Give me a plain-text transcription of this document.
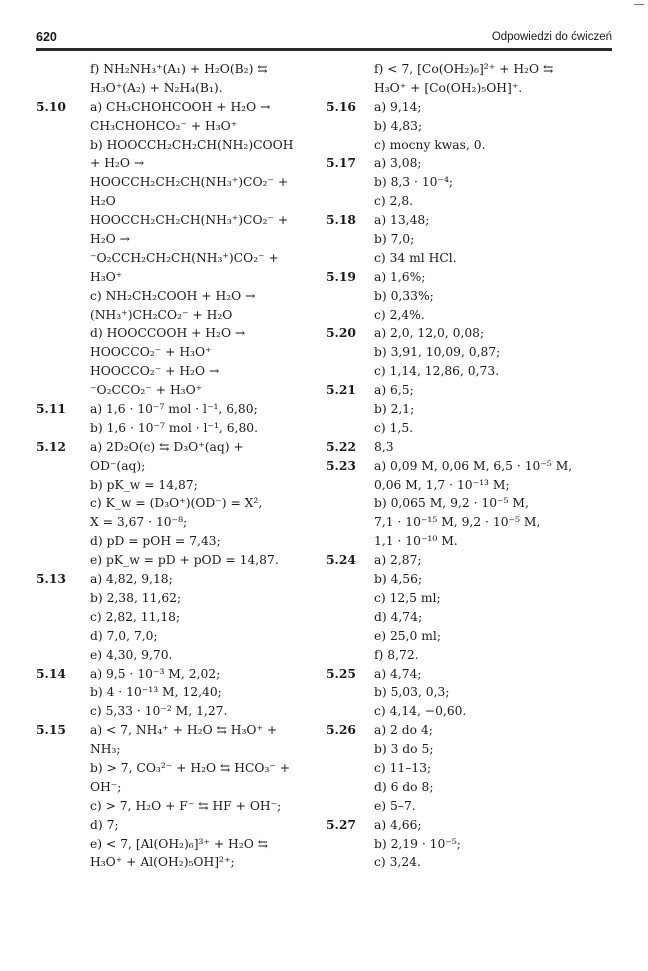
620	Odpowiedzi do ćwiczeń
f) NH₂NH₃⁺(A₁) + H₂O(B₂) ⇆
H₃O⁺(A₂) + N₂H₄(B₁).
5.10 a) CH₃CHOHCOOH + H₂O →
CH₃CHOHCO₂⁻ + H₃O⁺
b) HOOCCH₂CH₂CH(NH₂)COOH
+ H₂O →
HOOCCH₂CH₂CH(NH₃⁺)CO₂⁻ +
H₂O
HOOCCH₂CH₂CH(NH₃⁺)CO₂⁻ +
H₂O →
⁻O₂CCH₂CH₂CH(NH₃⁺)CO₂⁻ +
H₃O⁺
c) NH₂CH₂COOH + H₂O →
(NH₃⁺)CH₂CO₂⁻ + H₂O
d) HOOCCOOH + H₂O →
HOOCCO₂⁻ + H₃O⁺
HOOCCO₂⁻ + H₂O →
⁻O₂CCO₂⁻ + H₃O⁺
5.11 a) 1,6 · 10⁻⁷ mol · l⁻¹, 6,80;
b) 1,6 · 10⁻⁷ mol · l⁻¹, 6,80.
5.12 a) 2D₂O(c) ⇆ D₃O⁺(aq) +
OD⁻(aq);
b) pK_w = 14,87;
c) K_w = (D₃O⁺)(OD⁻) = X²,
X = 3,67 · 10⁻⁸;
d) pD = pOH = 7,43;
e) pK_w = pD + pOD = 14,87.
5.13 a) 4,82, 9,18;
b) 2,38, 11,62;
c) 2,82, 11,18;
d) 7,0, 7,0;
e) 4,30, 9,70.
5.14 a) 9,5 · 10⁻³ M, 2,02;
b) 4 · 10⁻¹³ M, 12,40;
c) 5,33 · 10⁻² M, 1,27.
5.15 a) < 7, NH₄⁺ + H₂O ⇆ H₃O⁺ +
NH₃;
b) > 7, CO₃²⁻ + H₂O ⇆ HCO₃⁻ +
OH⁻;
c) > 7, H₂O + F⁻ ⇆ HF + OH⁻;
d) 7;
e) < 7, [Al(OH₂)₆]³⁺ + H₂O ⇆
H₃O⁺ + Al(OH₂)₅OH]²⁺;
f) < 7, [Co(OH₂)₆]²⁺ + H₂O ⇆
H₃O⁺ + [Co(OH₂)₅OH]⁺.
5.16 a) 9,14;
b) 4,83;
c) mocny kwas, 0.
5.17 a) 3,08;
b) 8,3 · 10⁻⁴;
c) 2,8.
5.18 a) 13,48;
b) 7,0;
c) 34 ml HCl.
5.19 a) 1,6%;
b) 0,33%;
c) 2,4%.
5.20 a) 2,0, 12,0, 0,08;
b) 3,91, 10,09, 0,87;
c) 1,14, 12,86, 0,73.
5.21 a) 6,5;
b) 2,1;
c) 1,5.
5.22 8,3
5.23 a) 0,09 M, 0,06 M, 6,5 · 10⁻⁵ M,
0,06 M, 1,7 · 10⁻¹³ M;
b) 0,065 M, 9,2 · 10⁻⁵ M,
7,1 · 10⁻¹⁵ M, 9,2 · 10⁻⁵ M,
1,1 · 10⁻¹⁰ M.
5.24 a) 2,87;
b) 4,56;
c) 12,5 ml;
d) 4,74;
e) 25,0 ml;
f) 8,72.
5.25 a) 4,74;
b) 5,03, 0,3;
c) 4,14, −0,60.
5.26 a) 2 do 4;
b) 3 do 5;
c) 11–13;
d) 6 do 8;
e) 5–7.
5.27 a) 4,66;
b) 2,19 · 10⁻⁵;
c) 3,24.
